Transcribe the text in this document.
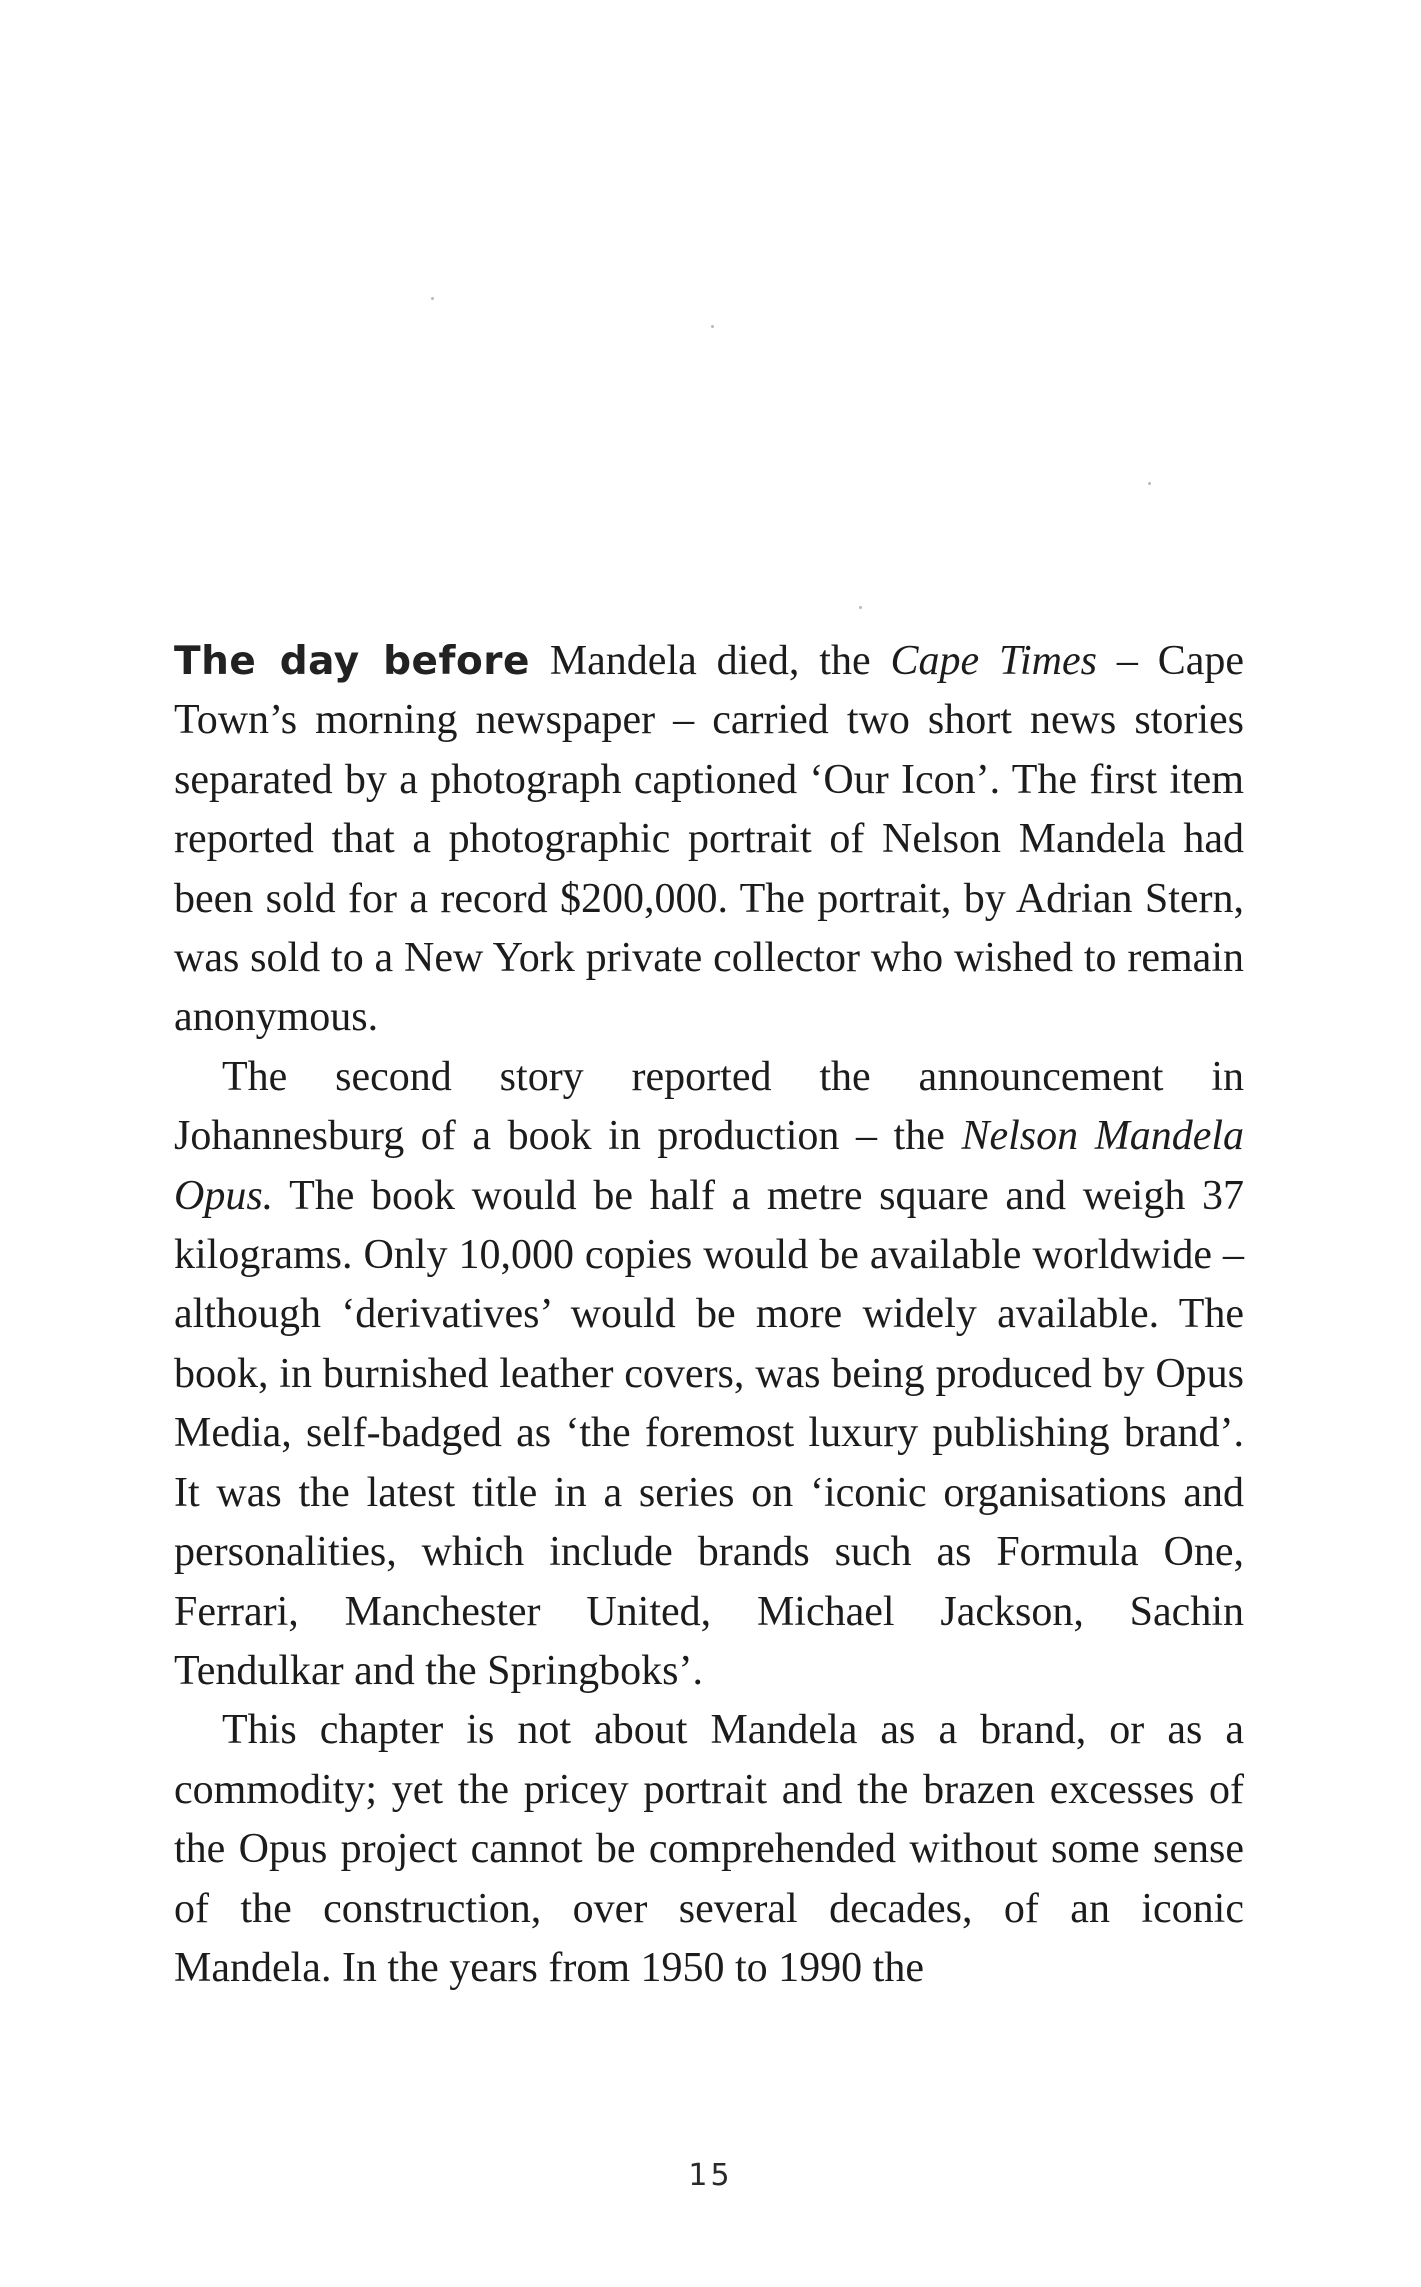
The day before Mandela died, the Cape Times – Cape Town’s morning newspaper – carried two short news stories separated by a photograph captioned ‘Our Icon’. The first item reported that a photographic portrait of Nelson Mandela had been sold for a record $200,000. The portrait, by Adrian Stern, was sold to a New York private collector who wished to remain anonymous.

The second story reported the announcement in Johannesburg of a book in production – the Nelson Mandela Opus. The book would be half a metre square and weigh 37 kilograms. Only 10,000 copies would be available worldwide – although ‘derivatives’ would be more widely available. The book, in burnished leather covers, was being produced by Opus Media, self-badged as ‘the foremost luxury publishing brand’. It was the latest title in a series on ‘iconic organisations and personalities, which include brands such as Formula One, Ferrari, Manchester United, Michael Jackson, Sachin Tendulkar and the Springboks’.

This chapter is not about Mandela as a brand, or as a commodity; yet the pricey portrait and the brazen excesses of the Opus project cannot be comprehended without some sense of the construction, over several decades, of an iconic Mandela. In the years from 1950 to 1990 the

15
